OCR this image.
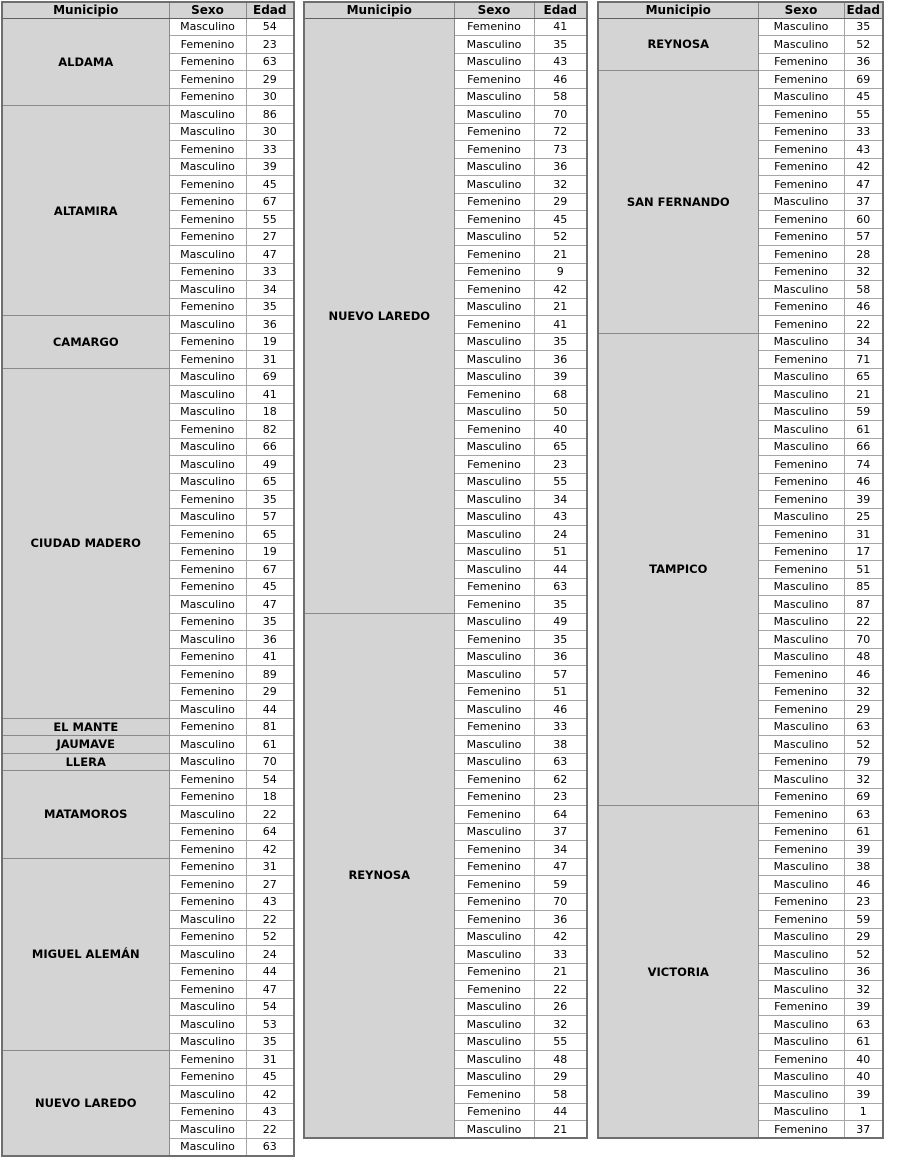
Municipio	Sexo	Edad
ALDAMA	Masculino	54
	Femenino	23
	Femenino	63
	Femenino	29
	Femenino	30
ALTAMIRA	Masculino	86
	Masculino	30
	Femenino	33
	Masculino	39
	Femenino	45
	Femenino	67
	Femenino	55
	Femenino	27
	Masculino	47
	Femenino	33
	Masculino	34
	Femenino	35
CAMARGO	Masculino	36
	Femenino	19
	Femenino	31
CIUDAD MADERO	Masculino	69
	Masculino	41
	Masculino	18
	Femenino	82
	Masculino	66
	Masculino	49
	Masculino	65
	Femenino	35
	Masculino	57
	Femenino	65
	Femenino	19
	Femenino	67
	Femenino	45
	Masculino	47
	Femenino	35
	Masculino	36
	Femenino	41
	Femenino	89
	Femenino	29
	Masculino	44
EL MANTE	Femenino	81
JAUMAVE	Masculino	61
LLERA	Masculino	70
MATAMOROS	Femenino	54
	Femenino	18
	Masculino	22
	Femenino	64
	Femenino	42
MIGUEL ALEMÁN	Femenino	31
	Femenino	27
	Femenino	43
	Masculino	22
	Femenino	52
	Masculino	24
	Femenino	44
	Femenino	47
	Masculino	54
	Masculino	53
	Masculino	35
NUEVO LAREDO	Femenino	31
	Femenino	45
	Masculino	42
	Femenino	43
	Masculino	22
	Masculino	63
Municipio	Sexo	Edad
NUEVO LAREDO	Femenino	41
	Masculino	35
	Masculino	43
	Femenino	46
	Masculino	58
	Masculino	70
	Femenino	72
	Femenino	73
	Masculino	36
	Masculino	32
	Femenino	29
	Femenino	45
	Masculino	52
	Femenino	21
	Femenino	9
	Femenino	42
	Masculino	21
	Femenino	41
	Masculino	35
	Masculino	36
	Masculino	39
	Femenino	68
	Masculino	50
	Femenino	40
	Masculino	65
	Femenino	23
	Masculino	55
	Masculino	34
	Masculino	43
	Masculino	24
	Masculino	51
	Masculino	44
	Femenino	63
	Femenino	35
REYNOSA	Masculino	49
	Femenino	35
	Masculino	36
	Masculino	57
	Femenino	51
	Masculino	46
	Femenino	33
	Masculino	38
	Masculino	63
	Femenino	62
	Femenino	23
	Femenino	64
	Masculino	37
	Femenino	34
	Femenino	47
	Femenino	59
	Femenino	70
	Femenino	36
	Masculino	42
	Masculino	33
	Femenino	21
	Femenino	22
	Masculino	26
	Masculino	32
	Masculino	55
	Masculino	48
	Masculino	29
	Femenino	58
	Femenino	44
	Masculino	21
Municipio	Sexo	Edad
REYNOSA	Masculino	35
	Masculino	52
	Femenino	36
SAN FERNANDO	Femenino	69
	Masculino	45
	Femenino	55
	Femenino	33
	Femenino	43
	Femenino	42
	Femenino	47
	Masculino	37
	Femenino	60
	Femenino	57
	Femenino	28
	Femenino	32
	Masculino	58
	Femenino	46
	Femenino	22
TAMPICO	Masculino	34
	Femenino	71
	Masculino	65
	Masculino	21
	Masculino	59
	Masculino	61
	Masculino	66
	Femenino	74
	Femenino	46
	Femenino	39
	Masculino	25
	Femenino	31
	Femenino	17
	Femenino	51
	Masculino	85
	Masculino	87
	Masculino	22
	Masculino	70
	Masculino	48
	Femenino	46
	Femenino	32
	Femenino	29
	Masculino	63
	Masculino	52
	Femenino	79
	Masculino	32
	Femenino	69
VICTORIA	Femenino	63
	Femenino	61
	Femenino	39
	Masculino	38
	Masculino	46
	Femenino	23
	Femenino	59
	Masculino	29
	Masculino	52
	Masculino	36
	Masculino	32
	Femenino	39
	Masculino	63
	Masculino	61
	Femenino	40
	Masculino	40
	Masculino	39
	Masculino	1
	Femenino	37
